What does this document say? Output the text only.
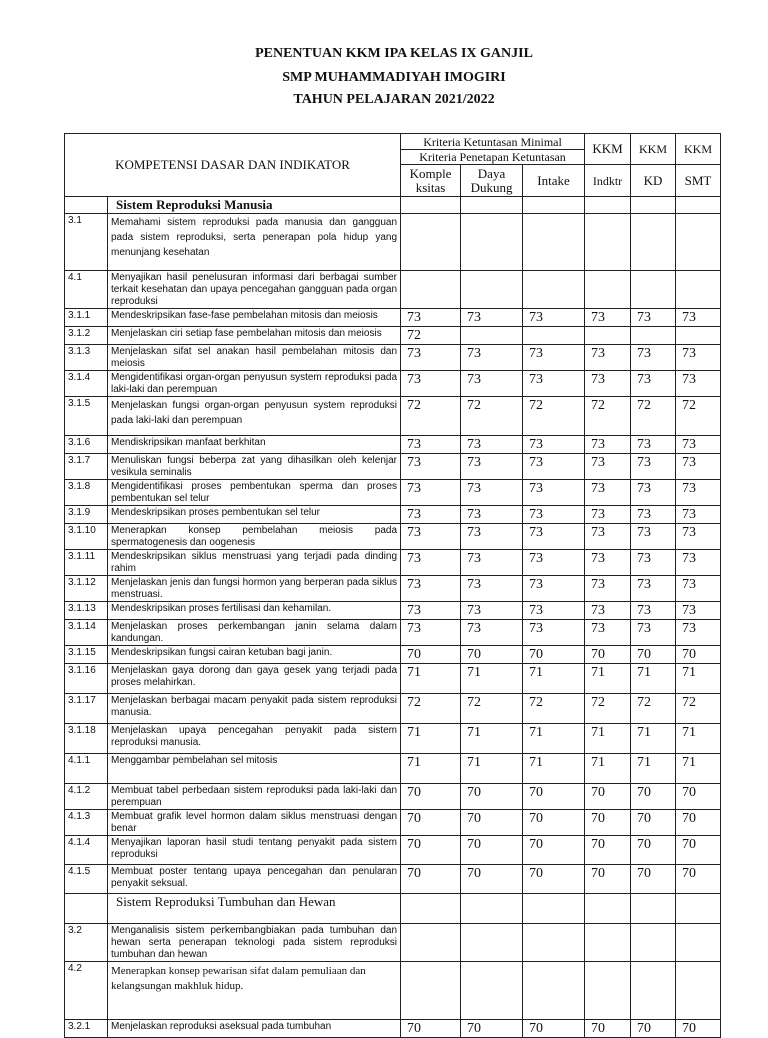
PENENTUAN KKM IPA KELAS IX GANJIL
SMP MUHAMMADIYAH IMOGIRI
TAHUN PELAJARAN 2021/2022
KOMPETENSI DASAR DAN INDIKATOR		Kriteria Ketuntasan Minimal			KKM	KKM	KKM
		Kriteria Penetapan Ketuntasan					
		Komple ksitas	Daya Dukung	Intake	Indktr	KD	SMT
	Sistem Reproduksi Manusia						
3.1	Memahami sistem reproduksi pada manusia dan gangguan pada sistem reproduksi, serta penerapan pola hidup yang menunjang kesehatan						
4.1	Menyajikan hasil penelusuran informasi dari berbagai sumber terkait kesehatan dan upaya pencegahan gangguan pada organ reproduksi						
3.1.1	Mendeskripsikan fase-fase pembelahan mitosis dan meiosis	73	73	73	73	73	73
3.1.2	Menjelaskan ciri setiap fase pembelahan mitosis dan meiosis	72					
3.1.3	Menjelaskan sifat sel anakan hasil pembelahan mitosis dan meiosis	73	73	73	73	73	73
3.1.4	Mengidentifikasi organ-organ penyusun system reproduksi pada laki-laki dan perempuan	73	73	73	73	73	73
3.1.5	Menjelaskan fungsi organ-organ penyusun system reproduksi pada laki-laki dan perempuan	72	72	72	72	72	72
3.1.6	Mendiskripsikan manfaat berkhitan	73	73	73	73	73	73
3.1.7	Menuliskan fungsi beberpa zat yang dihasilkan oleh kelenjar vesikula seminalis	73	73	73	73	73	73
3.1.8	Mengidentifikasi proses pembentukan sperma dan proses pembentukan sel telur	73	73	73	73	73	73
3.1.9	Mendeskripsikan proses pembentukan sel telur	73	73	73	73	73	73
3.1.10	Menerapkan konsep pembelahan meiosis pada spermatogenesis dan oogenesis	73	73	73	73	73	73
3.1.11	Mendeskripsikan siklus menstruasi yang terjadi pada dinding rahim	73	73	73	73	73	73
3.1.12	Menjelaskan jenis dan fungsi hormon yang berperan pada siklus menstruasi.	73	73	73	73	73	73
3.1.13	Mendeskripsikan proses fertilisasi dan kehamilan.	73	73	73	73	73	73
3.1.14	Menjelaskan proses perkembangan janin selama dalam kandungan.	73	73	73	73	73	73
3.1.15	Mendeskripsikan fungsi cairan ketuban bagi janin.	70	70	70	70	70	70
3.1.16	Menjelaskan gaya dorong dan gaya gesek yang terjadi pada proses melahirkan.	71	71	71	71	71	71
3.1.17	Menjelaskan berbagai macam penyakit pada sistem reproduksi manusia.	72	72	72	72	72	72
3.1.18	Menjelaskan upaya pencegahan penyakit pada sistem reproduksi manusia.	71	71	71	71	71	71
4.1.1	Menggambar pembelahan sel mitosis	71	71	71	71	71	71
4.1.2	Membuat tabel perbedaan sistem reproduksi pada laki-laki dan perempuan	70	70	70	70	70	70
4.1.3	Membuat grafik level hormon dalam siklus menstruasi dengan benar	70	70	70	70	70	70
4.1.4	Menyajikan laporan hasil studi tentang penyakit pada sistem reproduksi	70	70	70	70	70	70
4.1.5	Membuat poster tentang upaya pencegahan dan penularan penyakit seksual.	70	70	70	70	70	70
	Sistem Reproduksi Tumbuhan dan Hewan						
3.2	Menganalisis sistem perkembangbiakan pada tumbuhan dan hewan serta penerapan teknologi pada sistem reproduksi tumbuhan dan hewan						
4.2	Menerapkan konsep pewarisan sifat dalam pemuliaan dan kelangsungan makhluk hidup.						
3.2.1	Menjelaskan reproduksi aseksual pada tumbuhan	70	70	70	70	70	70
